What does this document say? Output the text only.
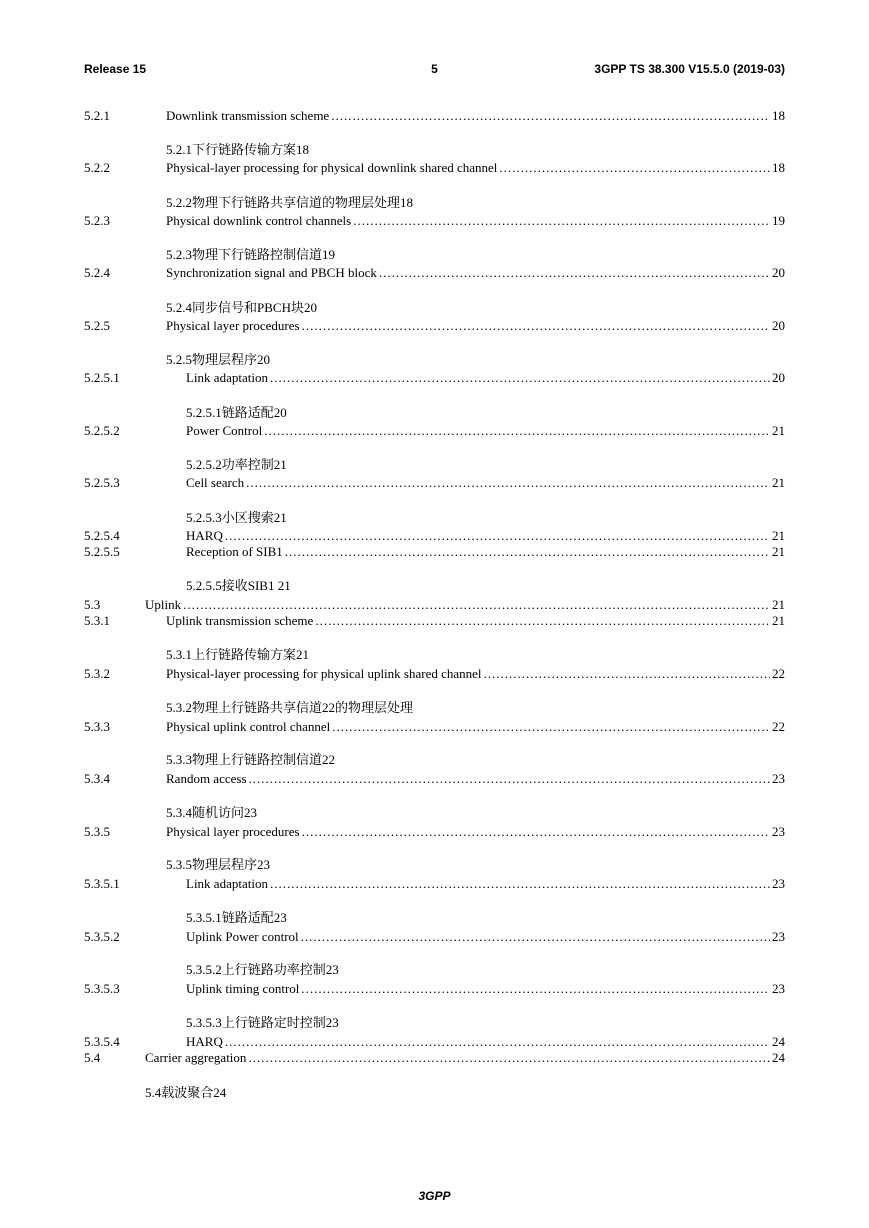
Release 15	5	3GPP TS 38.300 V15.5.0 (2019-03)
5.2.1	Downlink transmission scheme .....	18
5.2.1下行链路传输方案18
5.2.2	Physical-layer processing for physical downlink shared channel .....	18
5.2.2物理下行链路共享信道的物理层处理18
5.2.3	Physical downlink control channels .....	19
5.2.3物理下行链路控制信道19
5.2.4	Synchronization signal and PBCH block .....	20
5.2.4同步信号和PBCH块20
5.2.5	Physical layer procedures .....	20
5.2.5物理层程序20
5.2.5.1	Link adaptation .....	20
5.2.5.1链路适配20
5.2.5.2	Power Control .....	21
5.2.5.2功率控制21
5.2.5.3	Cell search .....	21
5.2.5.3小区搜索21
5.2.5.4	HARQ .....	21
5.2.5.5	Reception of SIB1 .....	21
5.2.5.5接收SIB1 21
5.3	Uplink .....	21
5.3.1	Uplink transmission scheme .....	21
5.3.1上行链路传输方案21
5.3.2	Physical-layer processing for physical uplink shared channel .....	22
5.3.2物理上行链路共享信道22的物理层处理
5.3.3	Physical uplink control channel .....	22
5.3.3物理上行链路控制信道22
5.3.4	Random access .....	23
5.3.4随机访问23
5.3.5	Physical layer procedures .....	23
5.3.5物理层程序23
5.3.5.1	Link adaptation .....	23
5.3.5.1链路适配23
5.3.5.2	Uplink Power control .....	23
5.3.5.2上行链路功率控制23
5.3.5.3	Uplink timing control .....	23
5.3.5.3上行链路定时控制23
5.3.5.4	HARQ .....	24
5.4	Carrier aggregation .....	24
5.4载波聚合24
3GPP
